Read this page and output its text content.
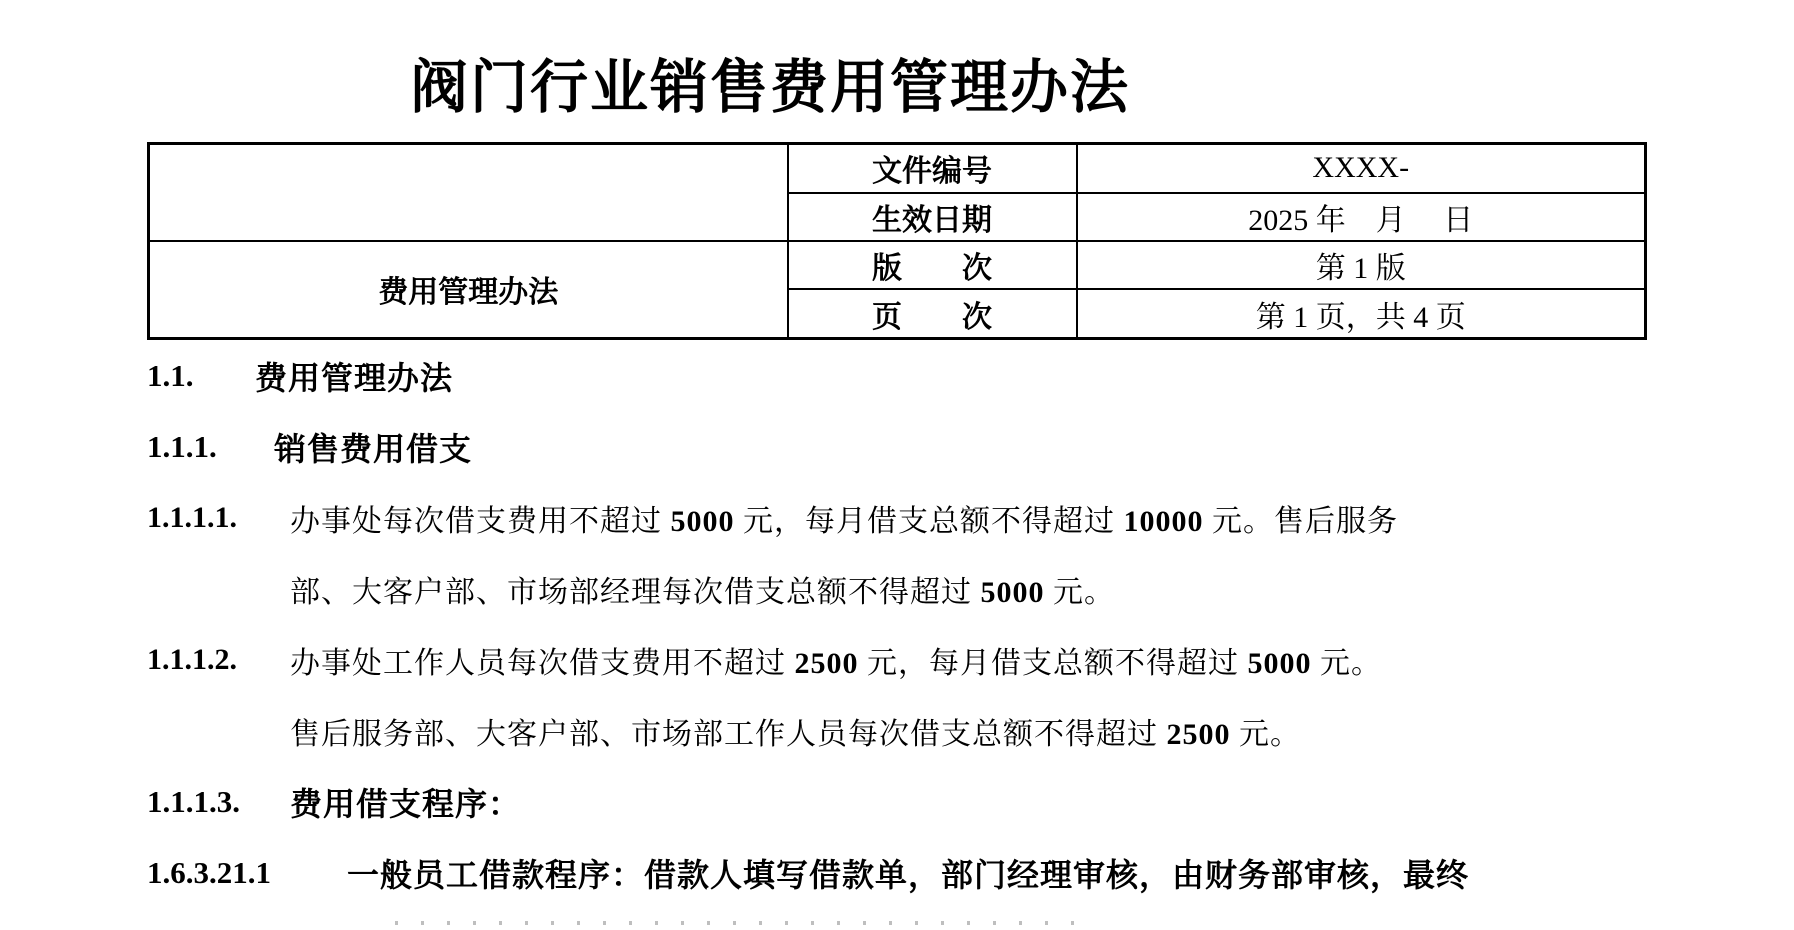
阀门行业销售费用管理办法
	文件编号	XXXX-
	生效日期	2025 年　月　 日
费用管理办法	版　　次	第 1 版
	页　　次	第 1 页，共 4 页
1.1.	费用管理办法
1.1.1.	销售费用借支
1.1.1.1.	办事处每次借支费用不超过 5000 元，每月借支总额不得超过 10000 元。售后服务
部、大客户部、市场部经理每次借支总额不得超过 5000 元。
1.1.1.2.	办事处工作人员每次借支费用不超过 2500 元，每月借支总额不得超过 5000 元。
售后服务部、大客户部、市场部工作人员每次借支总额不得超过 2500 元。
1.1.1.3.	费用借支程序：
1.6.3.21.1	一般员工借款程序：借款人填写借款单，部门经理审核，由财务部审核，最终
